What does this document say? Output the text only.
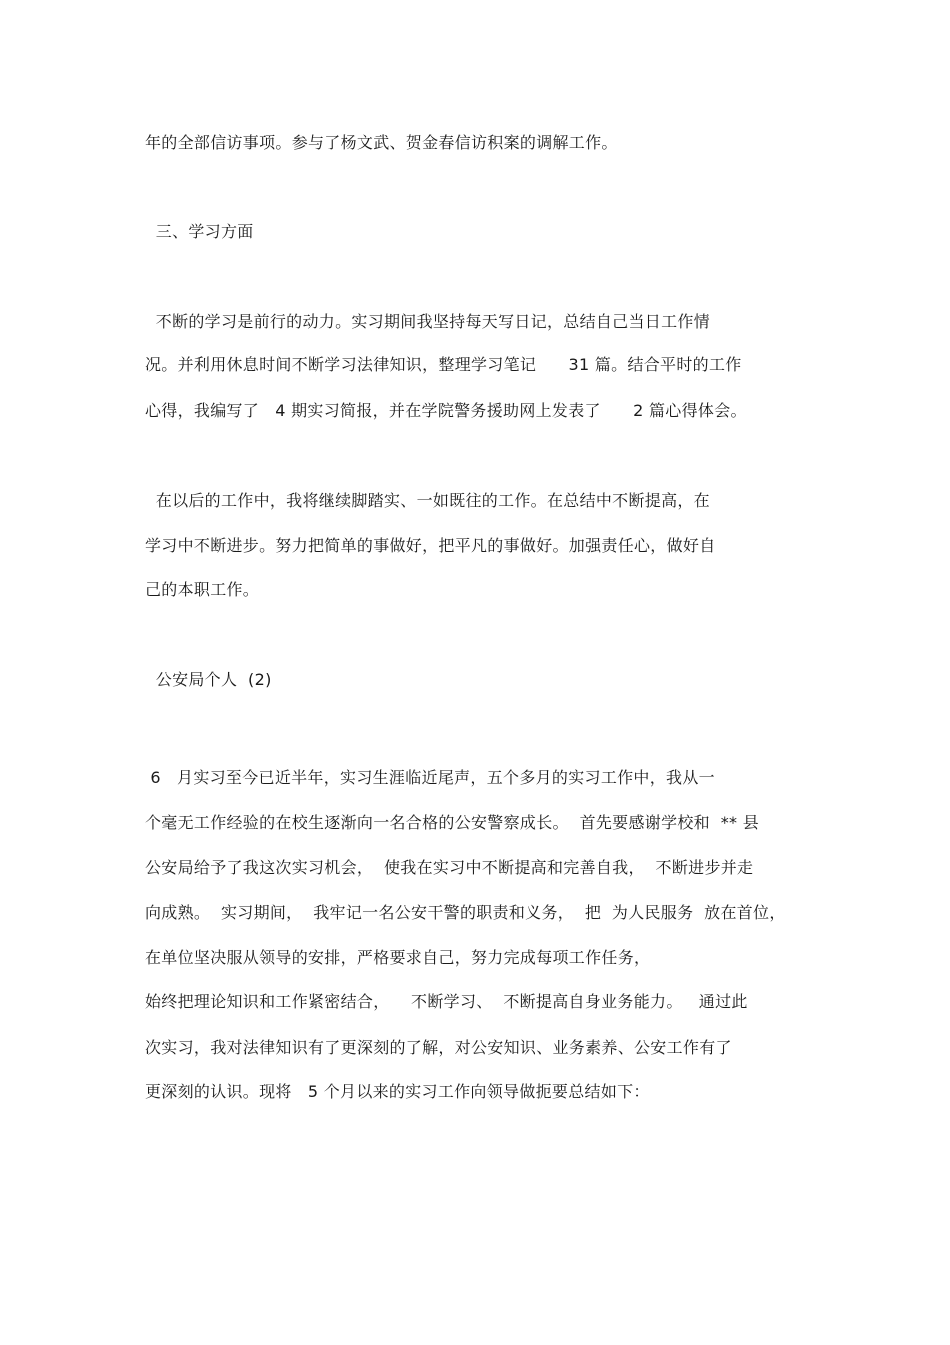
年的全部信访事项。参与了杨文武、贺金春信访积案的调解工作。
三、学习方面
不断的学习是前行的动力。实习期间我坚持每天写日记，总结自己当日工作情
况。并利用休息时间不断学习法律知识，整理学习笔记      31 篇。结合平时的工作
心得，我编写了   4 期实习简报，并在学院警务援助网上发表了      2 篇心得体会。
在以后的工作中，我将继续脚踏实、一如既往的工作。在总结中不断提高，在
学习中不断进步。努力把简单的事做好，把平凡的事做好。加强责任心，做好自
己的本职工作。
公安局个人  (2)
6   月实习至今已近半年，实习生涯临近尾声，五个多月的实习工作中，我从一
个毫无工作经验的在校生逐渐向一名合格的公安警察成长。  首先要感谢学校和  ** 县
公安局给予了我这次实习机会，  使我在实习中不断提高和完善自我，  不断进步并走
向成熟。  实习期间，  我牢记一名公安干警的职责和义务，  把  为人民服务  放在首位，
在单位坚决服从领导的安排，严格要求自己，努力完成每项工作任务，
始终把理论知识和工作紧密结合，    不断学习、  不断提高自身业务能力。   通过此
次实习，我对法律知识有了更深刻的了解，对公安知识、业务素养、公安工作有了
更深刻的认识。现将   5 个月以来的实习工作向领导做扼要总结如下：
